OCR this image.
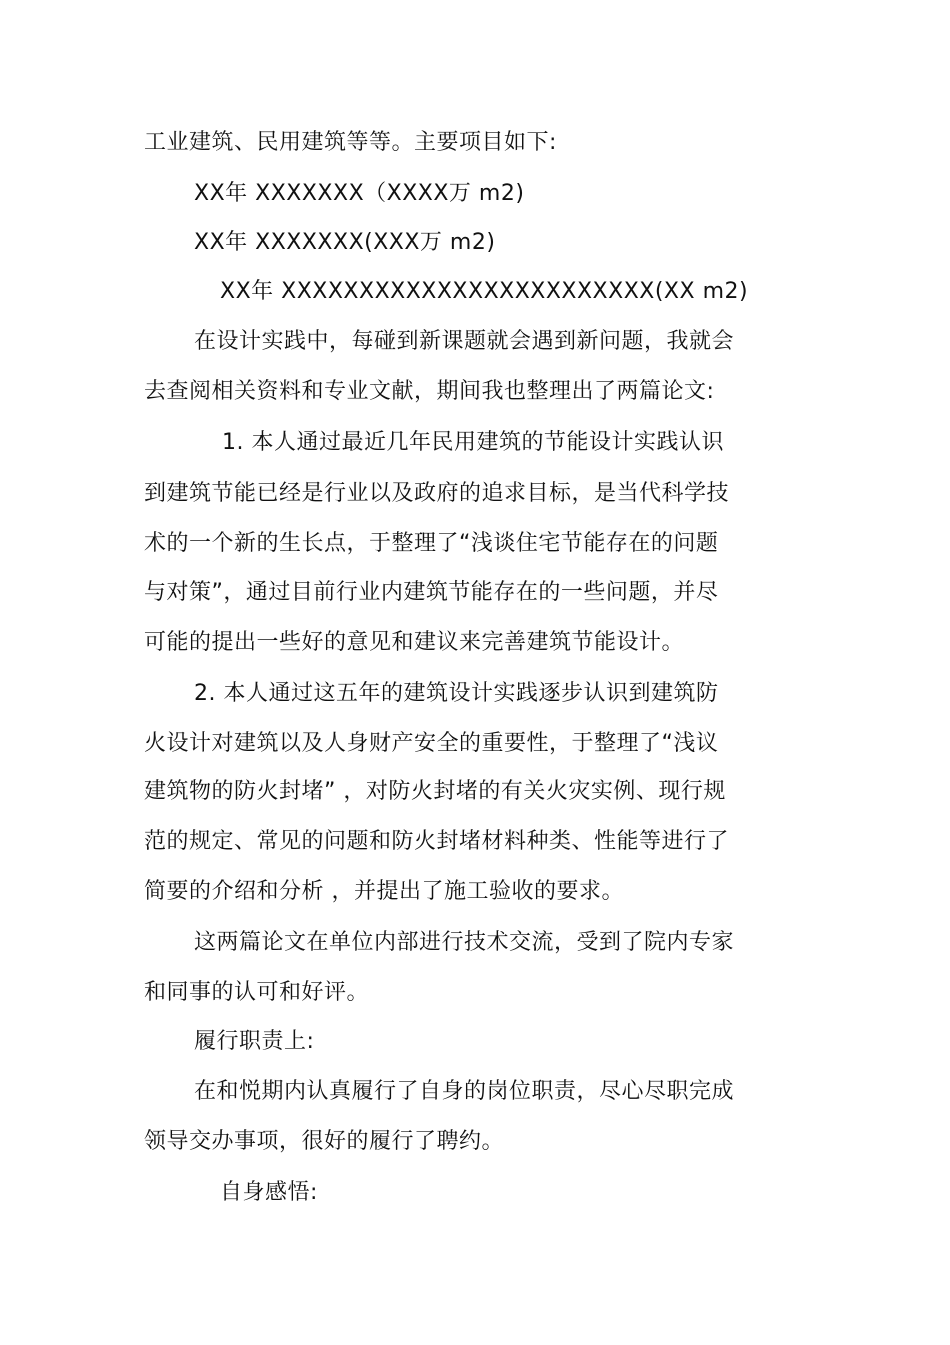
工业建筑、民用建筑等等。主要项目如下:
XX年 XXXXXXX（XXXX万 m2)
XX年 XXXXXXX(XXX万 m2)
XX年 XXXXXXXXXXXXXXXXXXXXXXXX(XX m2)
在设计实践中，每碰到新课题就会遇到新问题，我就会
去查阅相关资料和专业文献，期间我也整理出了两篇论文:
1. 本人通过最近几年民用建筑的节能设计实践认识
到建筑节能已经是行业以及政府的追求目标，是当代科学技
术的一个新的生长点，于整理了“浅谈住宅节能存在的问题
与对策”，通过目前行业内建筑节能存在的一些问题，并尽
可能的提出一些好的意见和建议来完善建筑节能设计。
2. 本人通过这五年的建筑设计实践逐步认识到建筑防
火设计对建筑以及人身财产安全的重要性，于整理了“浅议
建筑物的防火封堵” ，对防火封堵的有关火灾实例、现行规
范的规定、常见的问题和防火封堵材料种类、性能等进行了
简要的介绍和分析 ，并提出了施工验收的要求。
这两篇论文在单位内部进行技术交流，受到了院内专家
和同事的认可和好评。
履行职责上:
在和悦期内认真履行了自身的岗位职责，尽心尽职完成
领导交办事项，很好的履行了聘约。
自身感悟:
